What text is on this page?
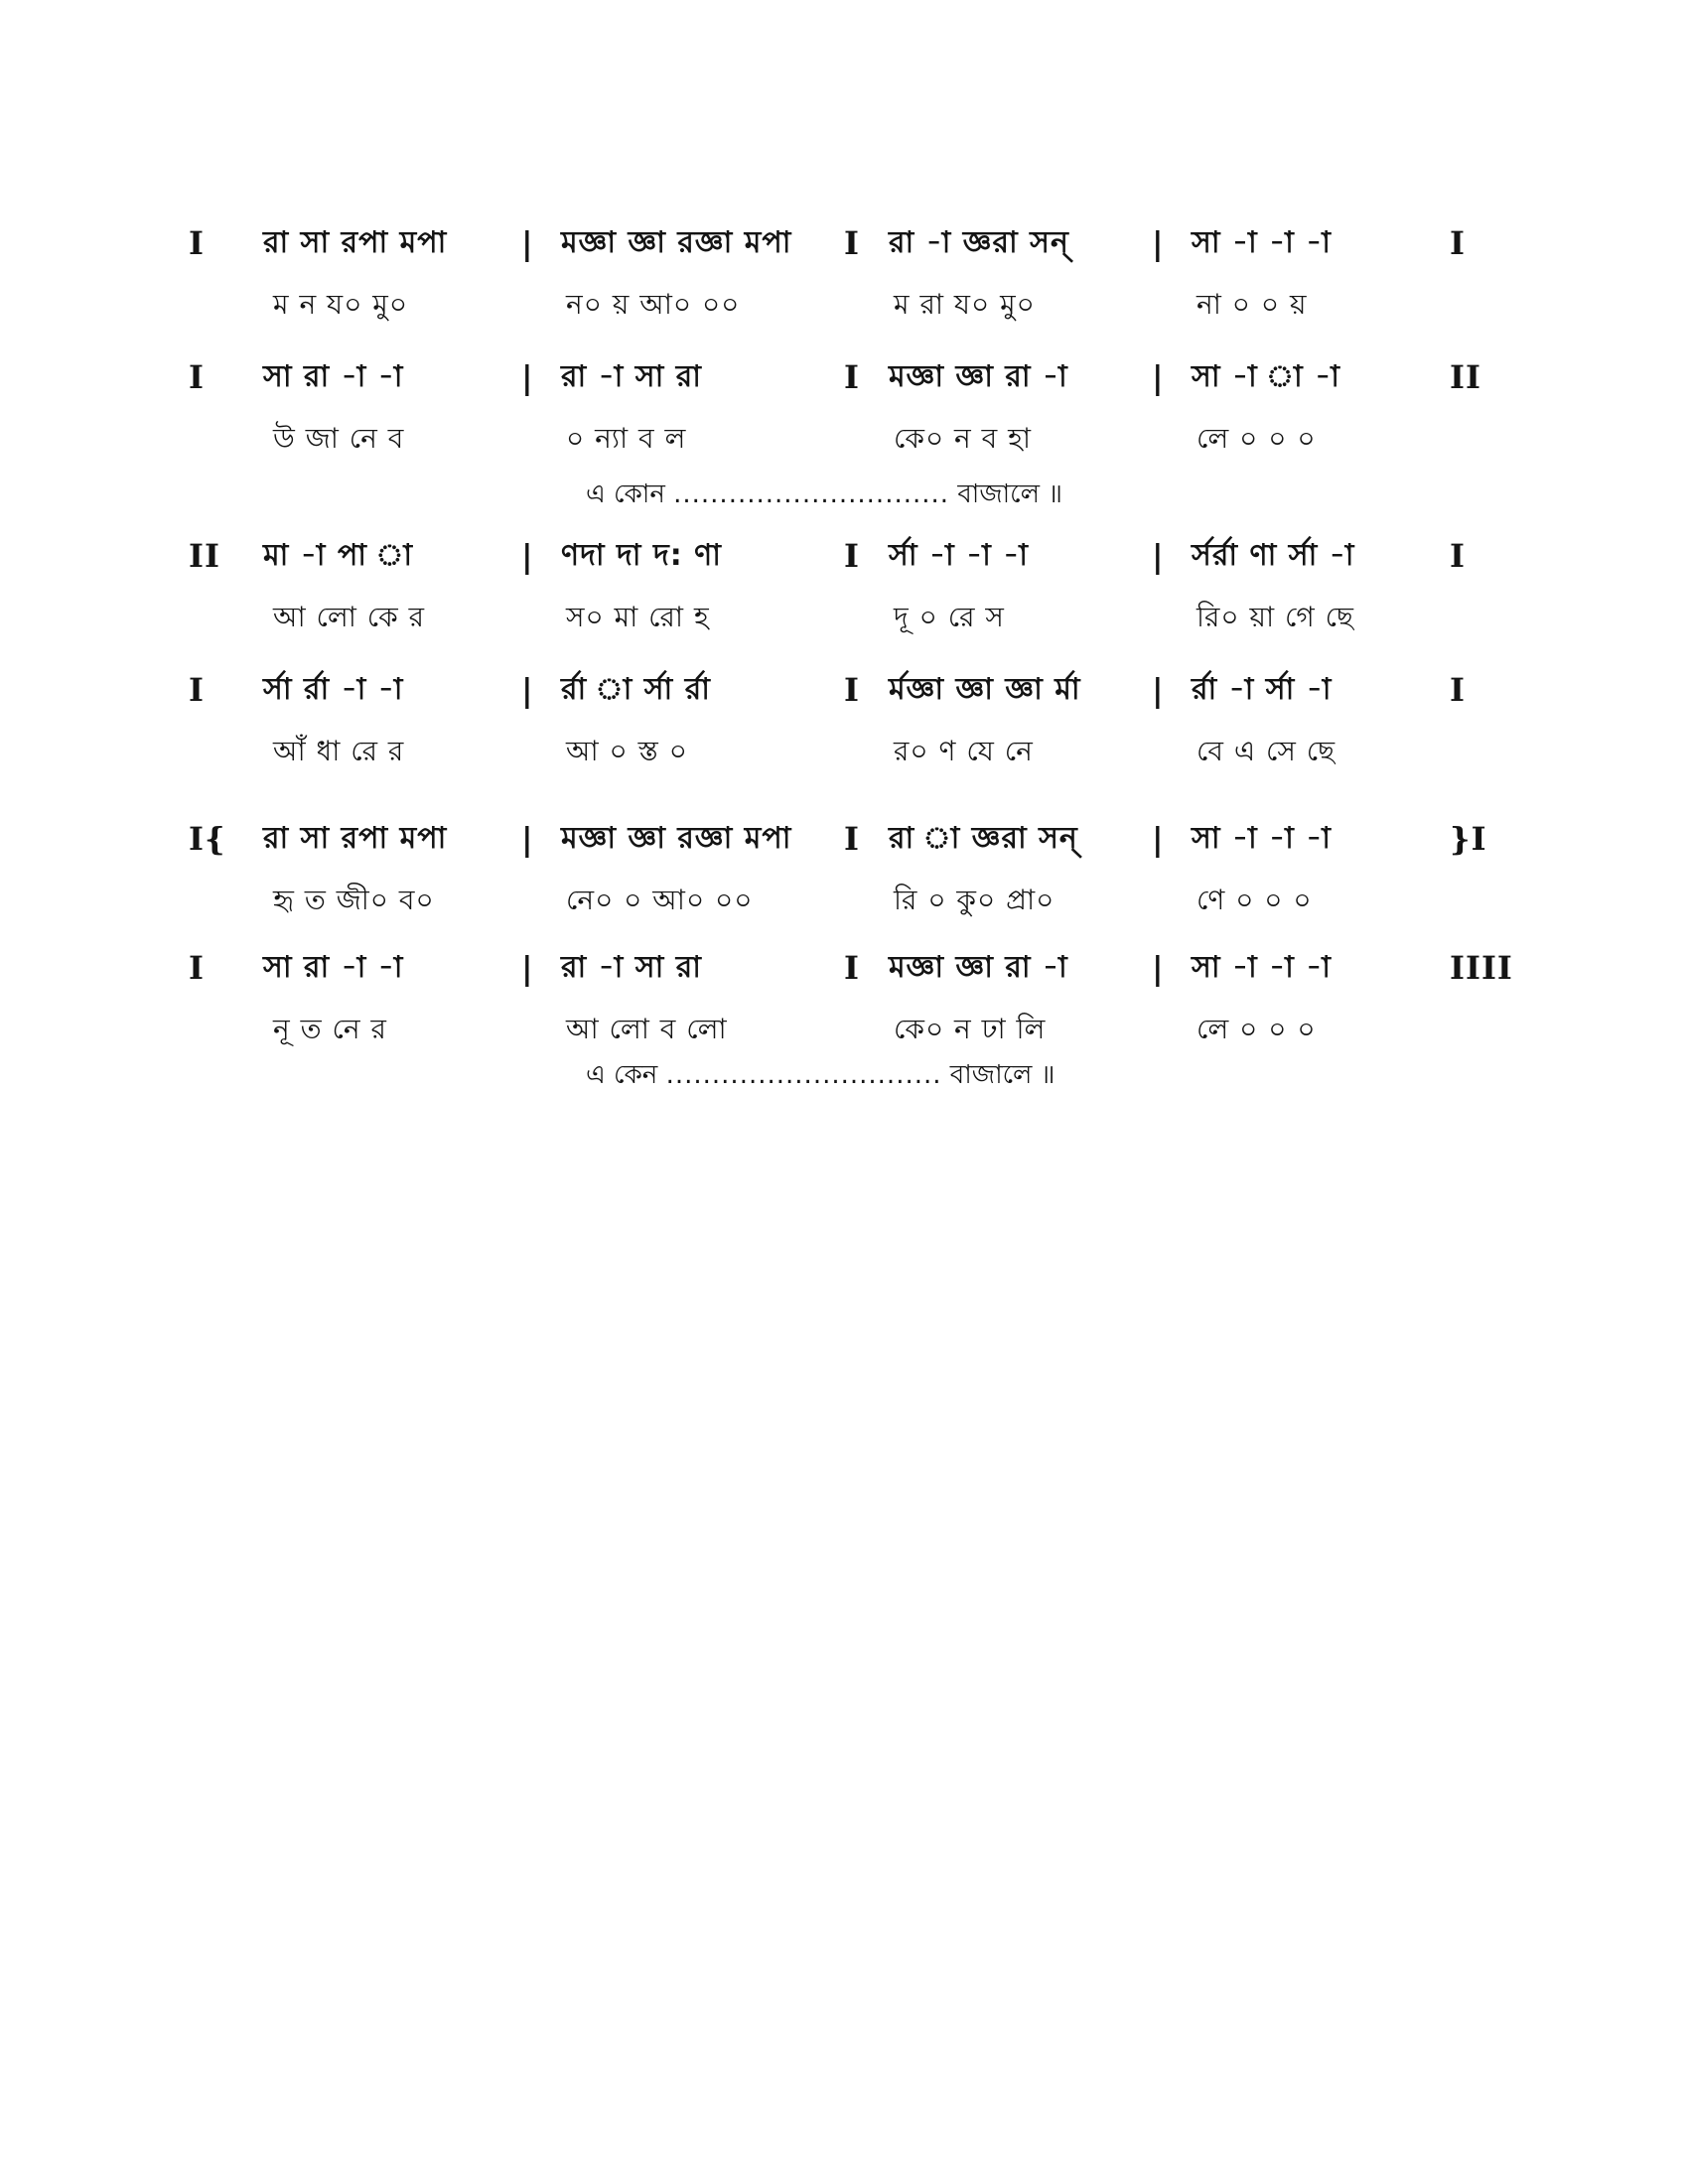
I রা সা রপা মপা | মজ্ঞা জ্ঞা রজ্ঞা মপা I রা -া জ্ঞরা সন্	| সা -া -া -া	I
ম ন য০ মু০	ন০ য় আ০ ০০	ম রা য০ মু০	না ০ ০ য়
I সা রা -া -া	| রা -া সা রা	I মজ্ঞা জ্ঞা রা -া	| সা -া া -া	II
উ জা নে ব	০ ন্যা ব ল	কে০ ন ব হা	লে ০ ০ ০
এ কোন .............................. বাজালে ॥
II মা -া পা া	| ণদা দা দ: ণা	I র্সা -া -া -া	| র্সর্রা ণা র্সা -া	I
আ লো কে র	স০ মা রো হ	দূ ০ রে স	রি০ য়া গে ছে
I র্সা র্রা -া -া	| র্রা া র্সা র্রা	I র্মজ্ঞা জ্ঞা জ্ঞা র্মা | র্রা -া র্সা -া	I
আঁ ধা রে র	আ ০ স্ত ০	র০ ণ যে নে	বে এ সে ছে
I{ রা সা রপা মপা | মজ্ঞা জ্ঞা রজ্ঞা মপা I রা া জ্ঞরা সন্ | সা -া -া -া	}I
হৃ ত জী০ ব০	নে০ ০ আ০ ০০	রি ০ কু০ প্রা০	ণে ০ ০ ০
I সা রা -া -া	| রা -া সা রা	I মজ্ঞা জ্ঞা রা -া	| সা -া -া -া	IIII
নূ ত নে র	আ লো ব লো	কে০ ন ঢা লি	লে ০ ০ ০
এ কেন .............................. বাজালে ॥
